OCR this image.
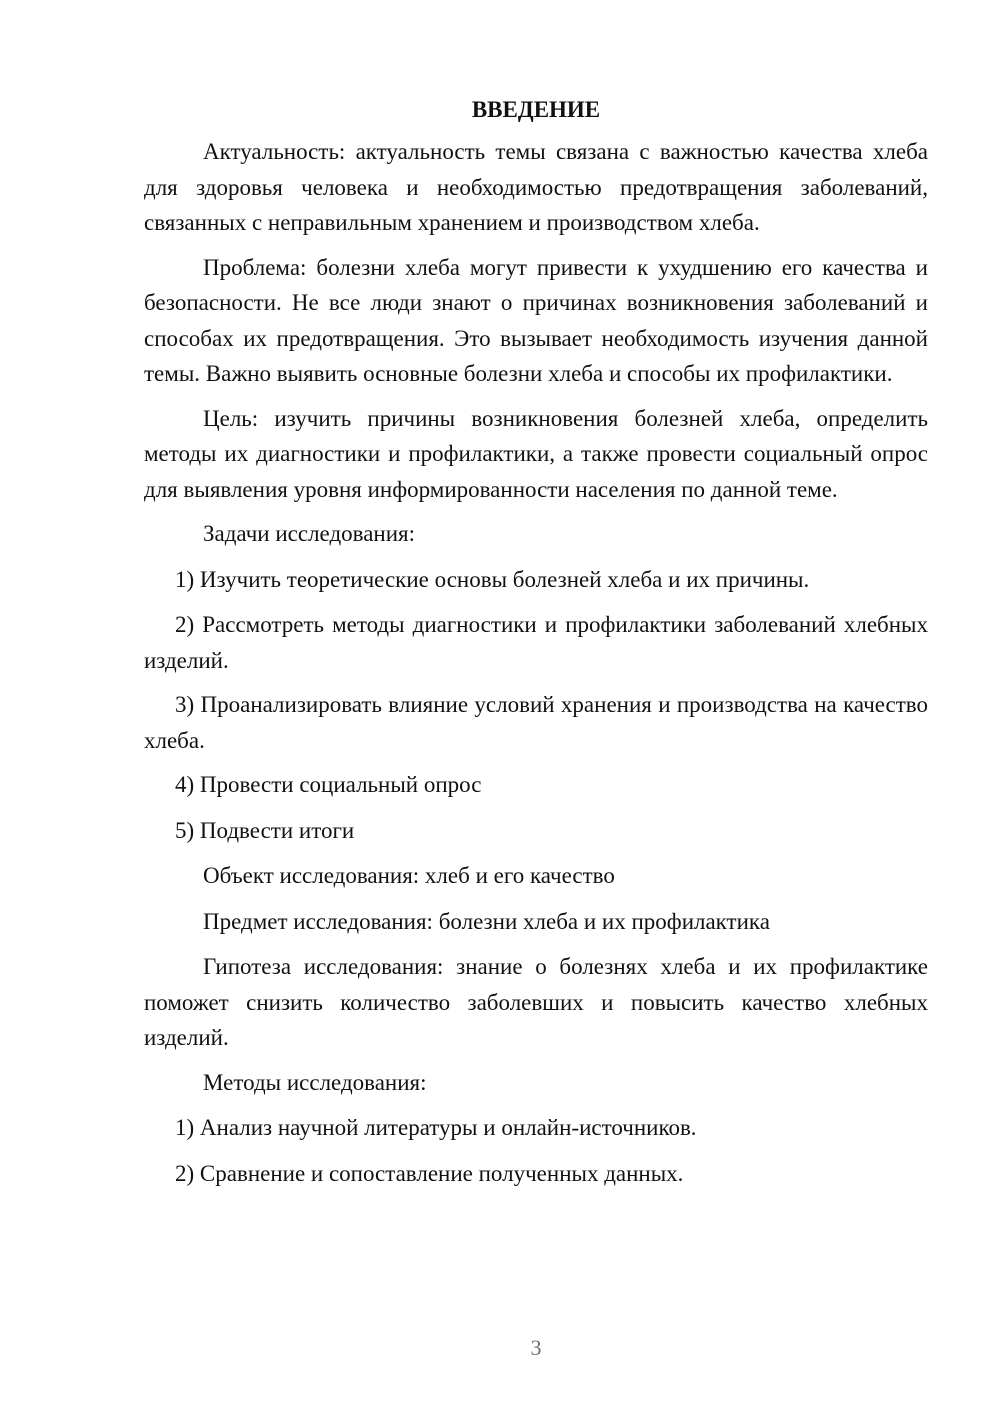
ВВЕДЕНИЕ

Актуальность: актуальность темы связана с важностью качества хлеба для здоровья человека и необходимостью предотвращения заболеваний, связанных с неправильным хранением и производством хлеба.

Проблема: болезни хлеба могут привести к ухудшению его качества и безопасности. Не все люди знают о причинах возникновения заболеваний и способах их предотвращения. Это вызывает необходимость изучения данной темы. Важно выявить основные болезни хлеба и способы их профилактики.

Цель: изучить причины возникновения болезней хлеба, определить методы их диагностики и профилактики, а также провести социальный опрос для выявления уровня информированности населения по данной теме.

Задачи исследования:

1) Изучить теоретические основы болезней хлеба и их причины.

2) Рассмотреть методы диагностики и профилактики заболеваний хлебных изделий.

3) Проанализировать влияние условий хранения и производства на качество хлеба.

4) Провести социальный опрос

5) Подвести итоги

Объект исследования: хлеб и его качество

Предмет исследования: болезни хлеба и их профилактика

Гипотеза исследования: знание о болезнях хлеба и их профилактике поможет снизить количество заболевших и повысить качество хлебных изделий.

Методы исследования:

1) Анализ научной литературы и онлайн-источников.

2) Сравнение и сопоставление полученных данных.

3
